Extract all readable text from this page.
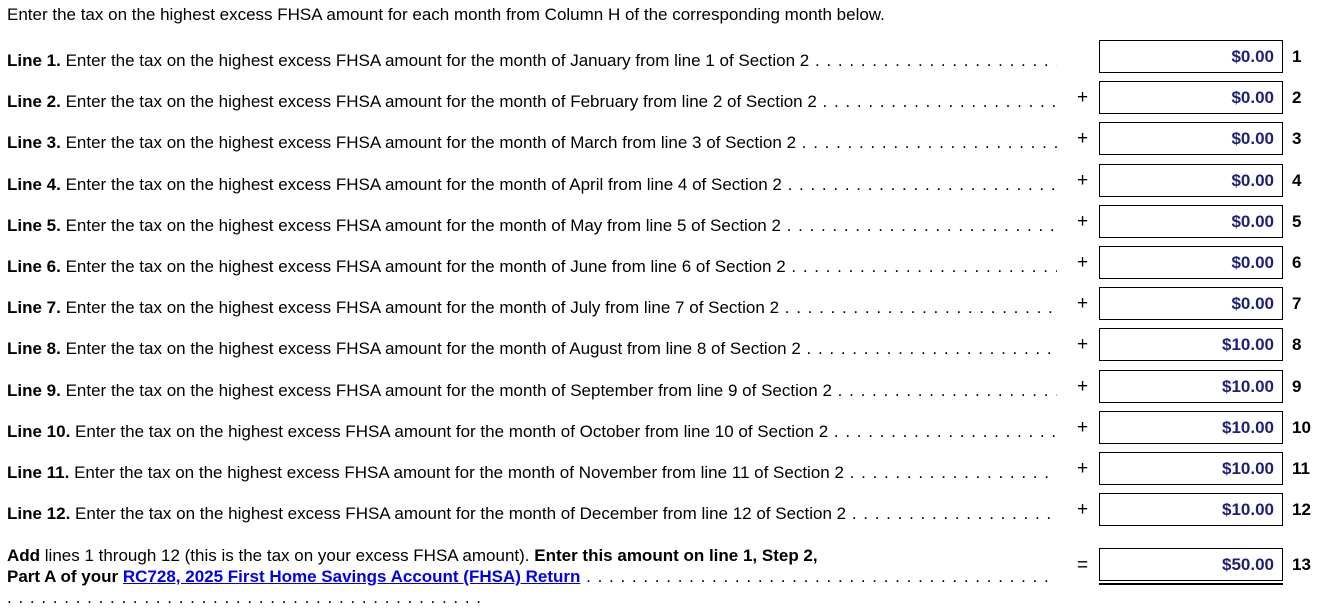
Enter the tax on the highest excess FHSA amount for each month from Column H of the corresponding month below.
Line 1. Enter the tax on the highest excess FHSA amount for the month of January from line 1 of Section 2 . . .	$0.00 1
Line 2. Enter the tax on the highest excess FHSA amount for the month of February from line 2 of Section 2 . . .	+	$0.00 2
Line 3. Enter the tax on the highest excess FHSA amount for the month of March from line 3 of Section 2 . . .	+	$0.00 3
Line 4. Enter the tax on the highest excess FHSA amount for the month of April from line 4 of Section 2 . . .	+	$0.00 4
Line 5. Enter the tax on the highest excess FHSA amount for the month of May from line 5 of Section 2 . . .	+	$0.00 5
Line 6. Enter the tax on the highest excess FHSA amount for the month of June from line 6 of Section 2 . . .	+	$0.00 6
Line 7. Enter the tax on the highest excess FHSA amount for the month of July from line 7 of Section 2 . . .	+	$0.00 7
Line 8. Enter the tax on the highest excess FHSA amount for the month of August from line 8 of Section 2 . . .	+	$10.00 8
Line 9. Enter the tax on the highest excess FHSA amount for the month of September from line 9 of Section 2 . . .	+	$10.00 9
Line 10. Enter the tax on the highest excess FHSA amount for the month of October from line 10 of Section 2 . . .	+	$10.00 10
Line 11. Enter the tax on the highest excess FHSA amount for the month of November from line 11 of Section 2 . . .	+	$10.00 11
Line 12. Enter the tax on the highest excess FHSA amount for the month of December from line 12 of Section 2 . . .	+	$10.00 12
Add lines 1 through 12 (this is the tax on your excess FHSA amount). Enter this amount on line 1, Step 2,
Part A of your RC728, 2025 First Home Savings Account (FHSA) Return . . .
=	$50.00 13
